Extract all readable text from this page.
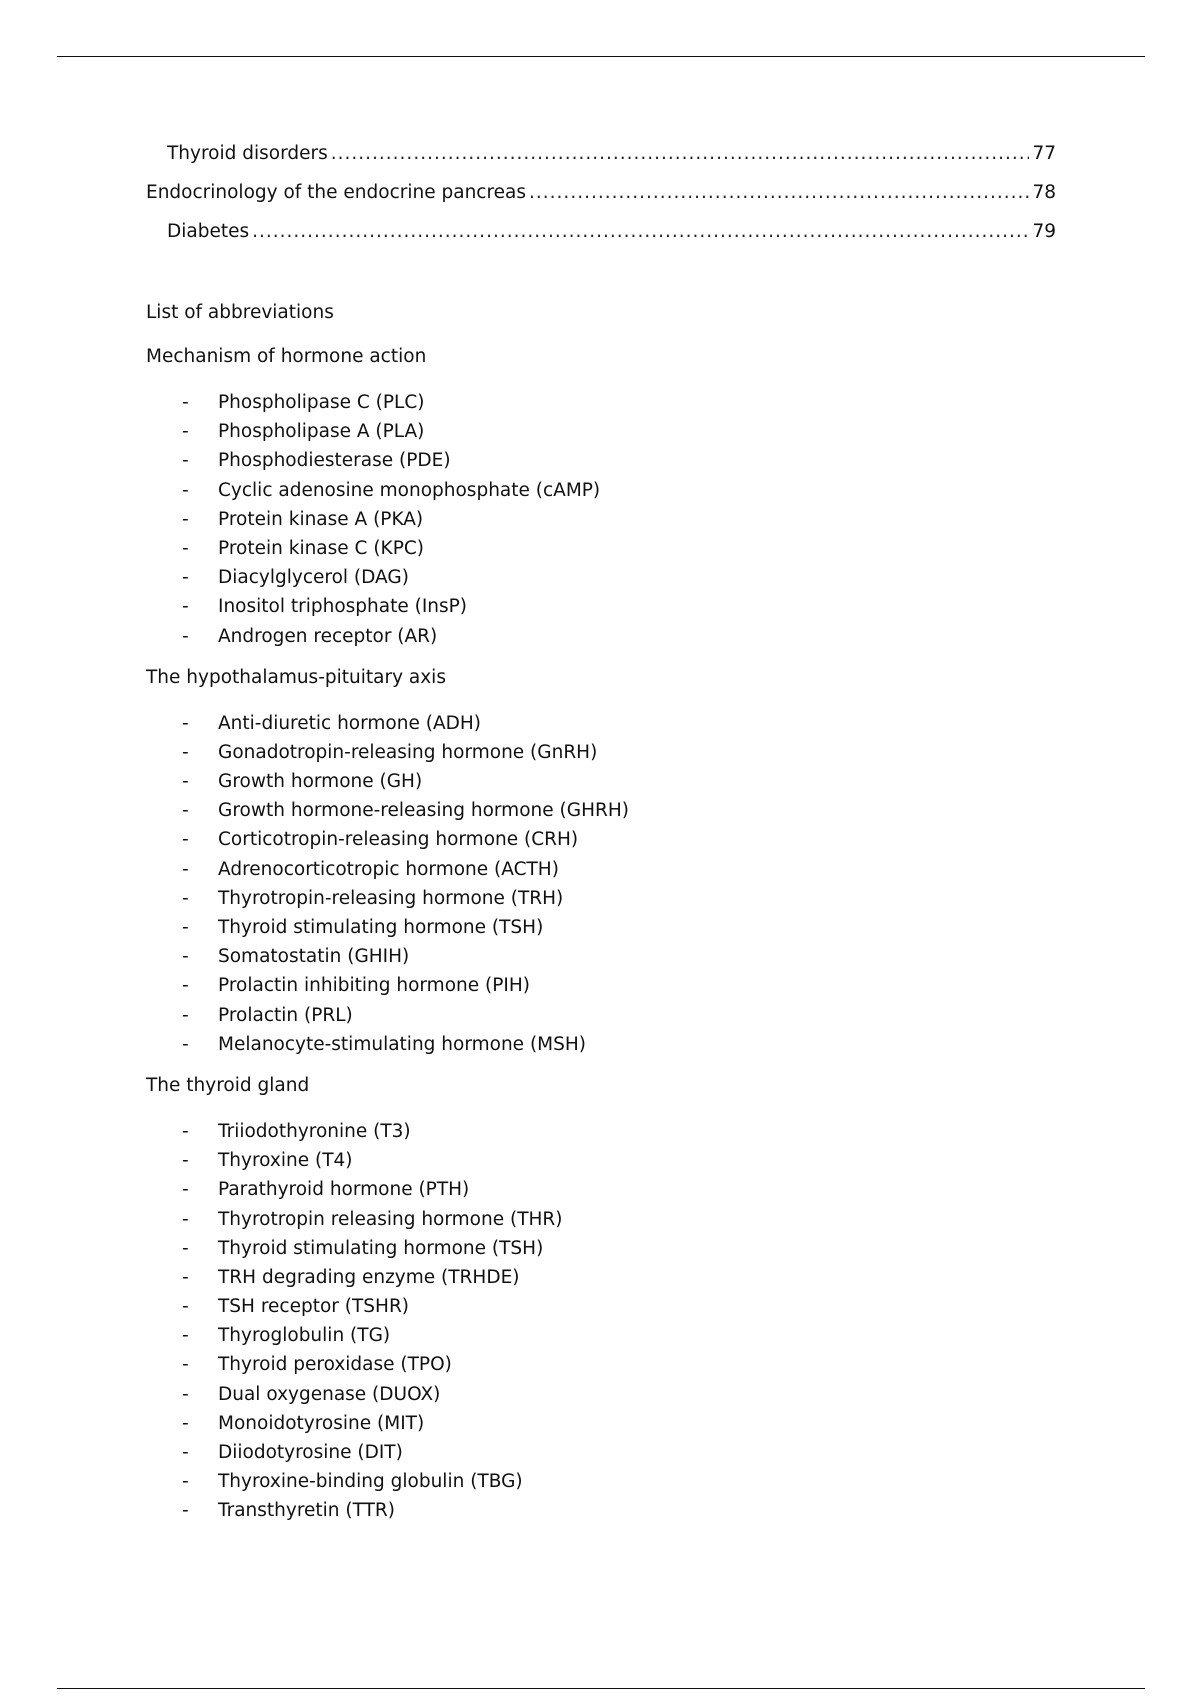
Thyroid disorders .....	77
Endocrinology of the endocrine pancreas .....	78
Diabetes .....	79

List of abbreviations

Mechanism of hormone action

-	Phospholipase C (PLC)
-	Phospholipase A (PLA)
-	Phosphodiesterase (PDE)
-	Cyclic adenosine monophosphate (cAMP)
-	Protein kinase A (PKA)
-	Protein kinase C (KPC)
-	Diacylglycerol (DAG)
-	Inositol triphosphate (InsP)
-	Androgen receptor (AR)

The hypothalamus-pituitary axis

-	Anti-diuretic hormone (ADH)
-	Gonadotropin-releasing hormone (GnRH)
-	Growth hormone (GH)
-	Growth hormone-releasing hormone (GHRH)
-	Corticotropin-releasing hormone (CRH)
-	Adrenocorticotropic hormone (ACTH)
-	Thyrotropin-releasing hormone (TRH)
-	Thyroid stimulating hormone (TSH)
-	Somatostatin (GHIH)
-	Prolactin inhibiting hormone (PIH)
-	Prolactin (PRL)
-	Melanocyte-stimulating hormone (MSH)

The thyroid gland

-	Triiodothyronine (T3)
-	Thyroxine (T4)
-	Parathyroid hormone (PTH)
-	Thyrotropin releasing hormone (THR)
-	Thyroid stimulating hormone (TSH)
-	TRH degrading enzyme (TRHDE)
-	TSH receptor (TSHR)
-	Thyroglobulin (TG)
-	Thyroid peroxidase (TPO)
-	Dual oxygenase (DUOX)
-	Monoidotyrosine (MIT)
-	Diiodotyrosine (DIT)
-	Thyroxine-binding globulin (TBG)
-	Transthyretin (TTR)
